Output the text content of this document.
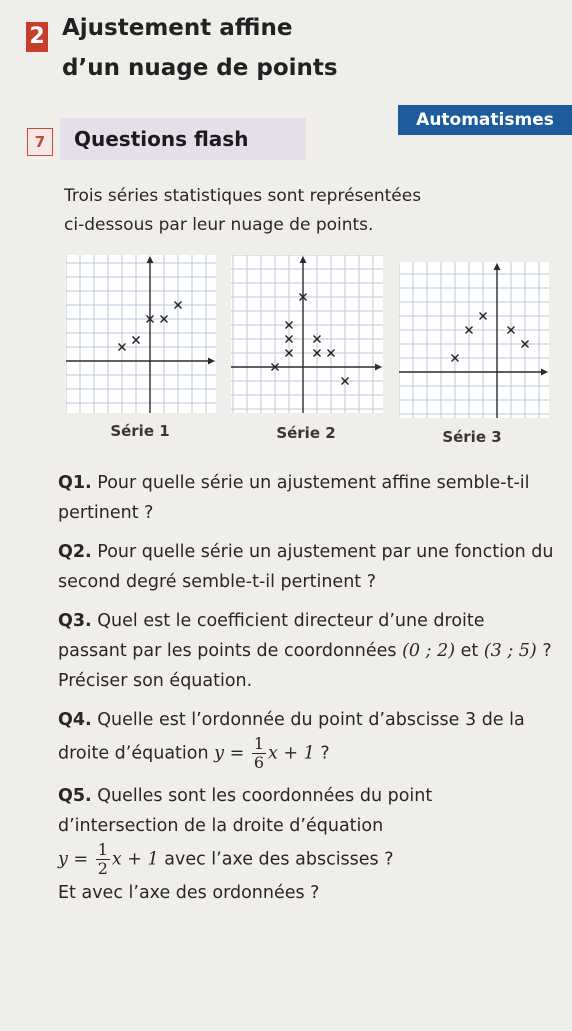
2 Ajustement affine
d’un nuage de points
Automatismes
7	Questions flash
Trois séries statistiques sont représentées
ci-dessous par leur nuage de points.
Série 1	Série 2	Série 3

Q1. Pour quelle série un ajustement affine semble-t-il pertinent ?

Q2. Pour quelle série un ajustement par une fonction du second degré semble-t-il pertinent ?

Q3. Quel est le coefficient directeur d’une droite passant par les points de coordonnées (0 ; 2) et (3 ; 5) ? Préciser son équation.

Q4. Quelle est l’ordonnée du point d’abscisse 3 de la droite d’équation $y = \frac{1}{6}$ x + 1 ?

Q5. Quelles sont les coordonnées du point d’intersection de la droite d’équation
$y = \frac{1}{2}$ x + 1 avec l’axe des abscisses ?
Et avec l’axe des ordonnées ?
